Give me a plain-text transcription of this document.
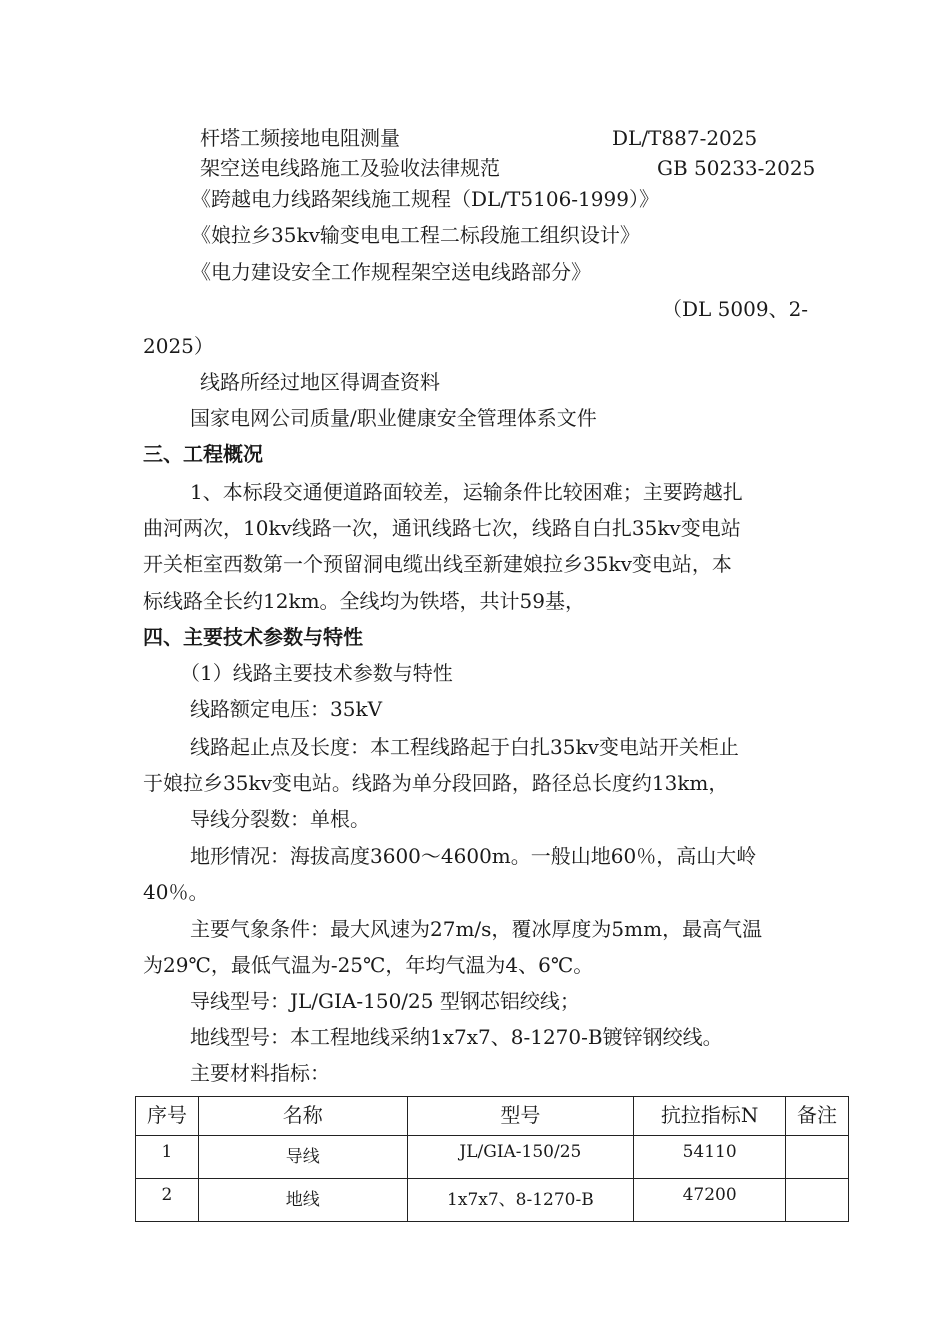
杆塔工频接地电阻测量	DL/T887-2025
架空送电线路施工及验收法律规范	GB 50233-2025
《跨越电力线路架线施工规程（DL/T5106-1999）》
《娘拉乡35kv输变电电工程二标段施工组织设计》
《电力建设安全工作规程架空送电线路部分》
（DL 5009、2-
2025）
线路所经过地区得调查资料
国家电网公司质量/职业健康安全管理体系文件
三、工程概况
1、本标段交通便道路面较差，运输条件比较困难；主要跨越扎
曲河两次，10kv线路一次，通讯线路七次，线路自白扎35kv变电站
开关柜室西数第一个预留洞电缆出线至新建娘拉乡35kv变电站，本
标线路全长约12km。全线均为铁塔，共计59基，
四、主要技术参数与特性
（1）线路主要技术参数与特性
线路额定电压：35kV
线路起止点及长度：本工程线路起于白扎35kv变电站开关柜止
于娘拉乡35kv变电站。线路为单分段回路，路径总长度约13km，
导线分裂数：单根。
地形情况：海拔高度3600～4600m。一般山地60％，高山大岭
40％。
主要气象条件：最大风速为27m/s，覆冰厚度为5mm，最高气温
为29℃，最低气温为-25℃，年均气温为4、6℃。
导线型号：JL/GIA-150/25 型钢芯铝绞线；
地线型号：本工程地线采纳1x7x7、8-1270-B镀锌钢绞线。
主要材料指标：
序号	名称	型号	抗拉指标N	备注
1	导线	JL/GIA-150/25	54110	
2	地线	1x7x7、8-1270-B	47200	
